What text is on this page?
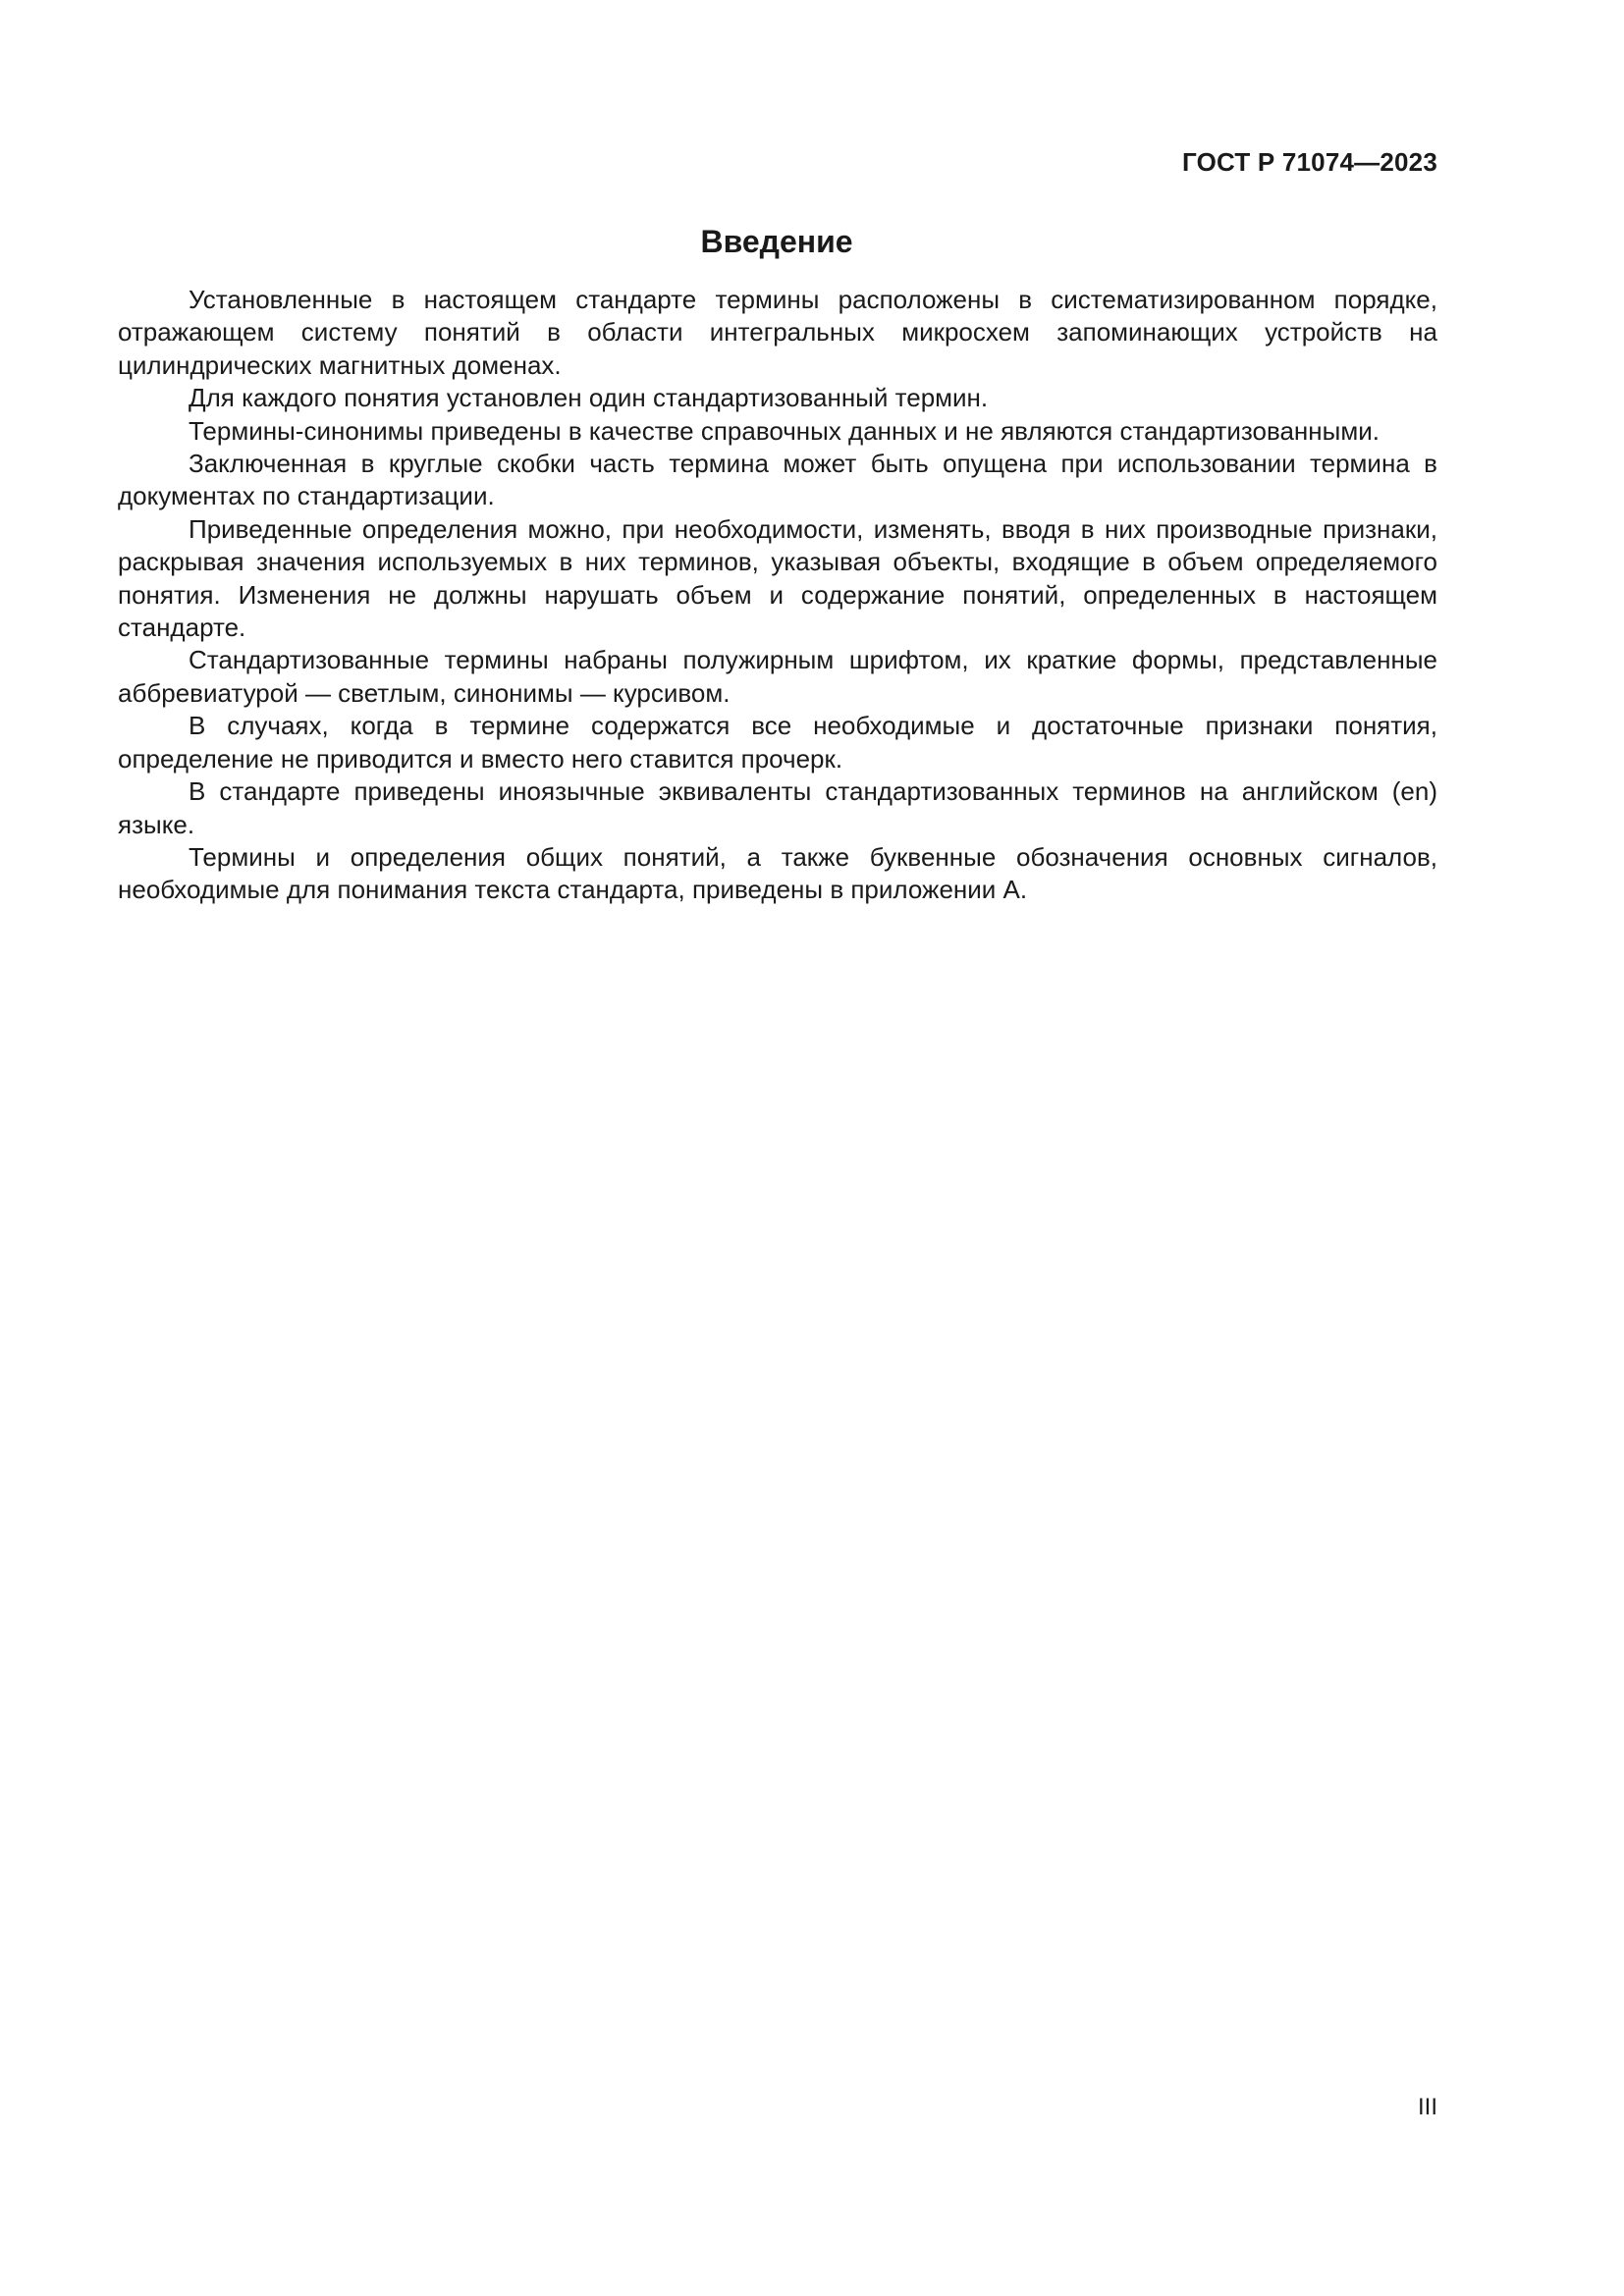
ГОСТ Р 71074—2023
Введение

Установленные в настоящем стандарте термины расположены в систематизированном порядке, отражающем систему понятий в области интегральных микросхем запоминающих устройств на цилиндрических магнитных доменах.

Для каждого понятия установлен один стандартизованный термин.

Термины-синонимы приведены в качестве справочных данных и не являются стандартизованными.

Заключенная в круглые скобки часть термина может быть опущена при использовании термина в документах по стандартизации.

Приведенные определения можно, при необходимости, изменять, вводя в них производные признаки, раскрывая значения используемых в них терминов, указывая объекты, входящие в объем определяемого понятия. Изменения не должны нарушать объем и содержание понятий, определенных в настоящем стандарте.

Стандартизованные термины набраны полужирным шрифтом, их краткие формы, представленные аббревиатурой — светлым, синонимы — курсивом.

В случаях, когда в термине содержатся все необходимые и достаточные признаки понятия, определение не приводится и вместо него ставится прочерк.

В стандарте приведены иноязычные эквиваленты стандартизованных терминов на английском (en) языке.

Термины и определения общих понятий, а также буквенные обозначения основных сигналов, необходимые для понимания текста стандарта, приведены в приложении А.

III
